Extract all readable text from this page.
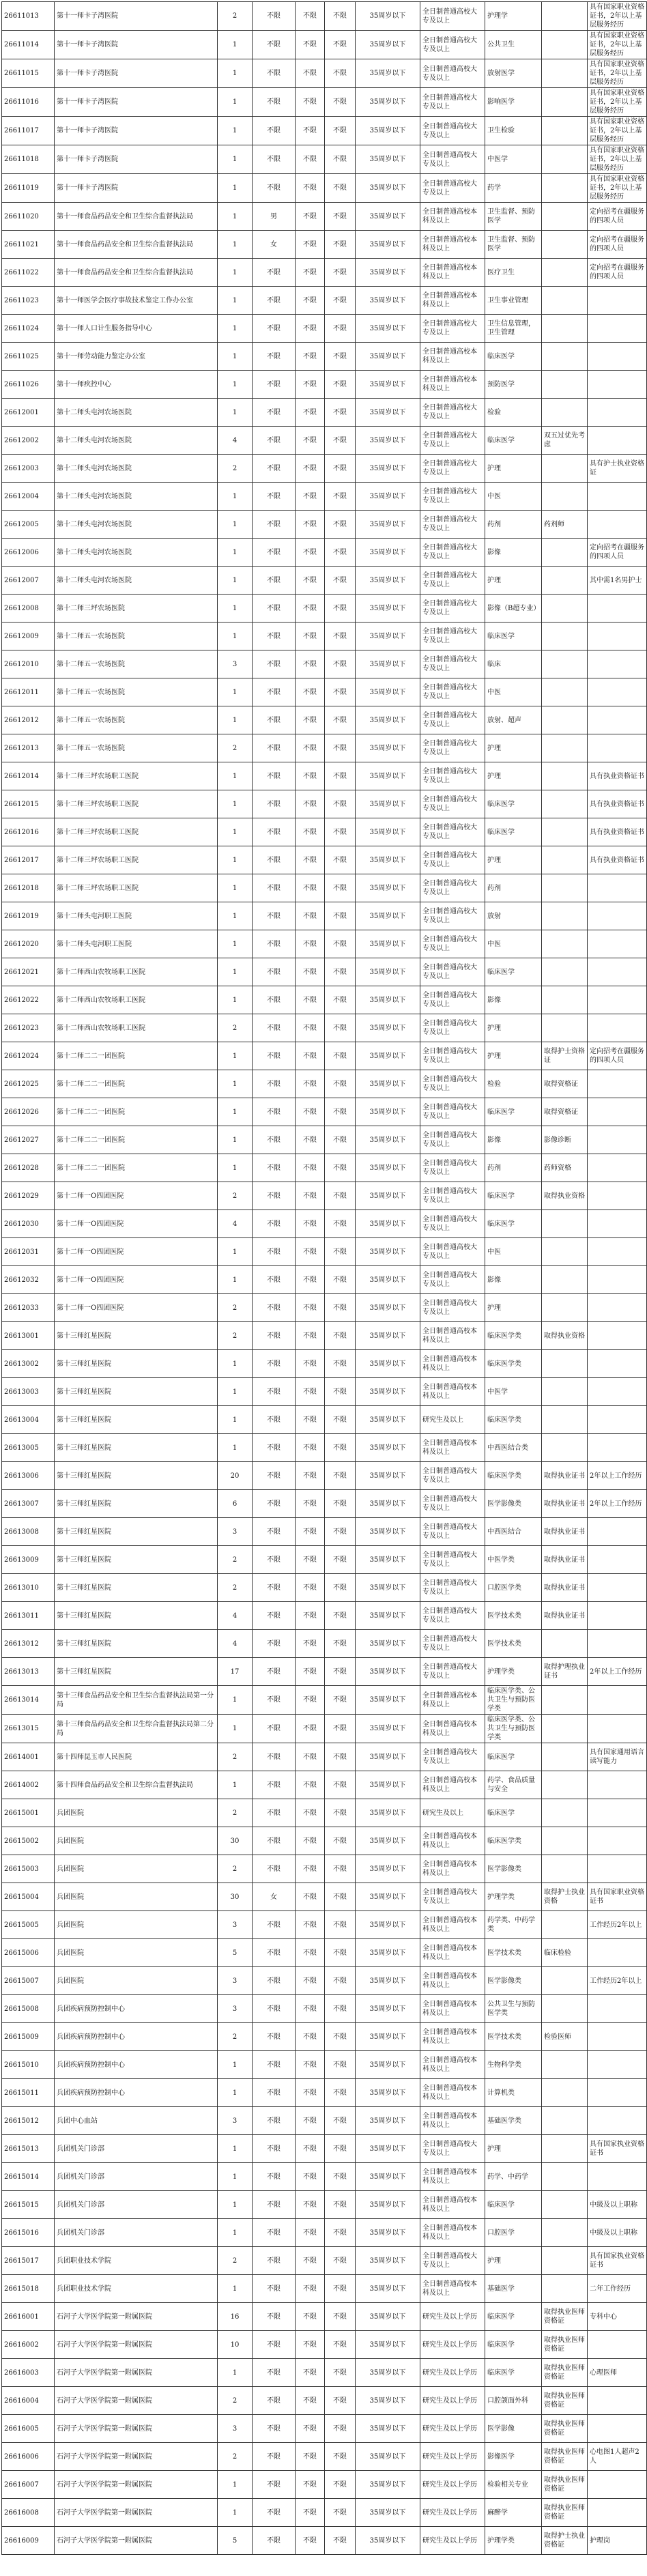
26611013	第十一师卡子湾医院	2	不限	不限	不限	35周岁以下	全日制普通高校大专及以上	护理学		具有国家职业资格证书，2年以上基层服务经历
26611014	第十一师卡子湾医院	1	不限	不限	不限	35周岁以下	全日制普通高校大专及以上	公共卫生		具有国家职业资格证书，2年以上基层服务经历
26611015	第十一师卡子湾医院	1	不限	不限	不限	35周岁以下	全日制普通高校大专及以上	放射医学		具有国家职业资格证书，2年以上基层服务经历
26611016	第十一师卡子湾医院	1	不限	不限	不限	35周岁以下	全日制普通高校大专及以上	影响医学		具有国家职业资格证书，2年以上基层服务经历
26611017	第十一师卡子湾医院	1	不限	不限	不限	35周岁以下	全日制普通高校大专及以上	卫生检验		具有国家职业资格证书，2年以上基层服务经历
26611018	第十一师卡子湾医院	1	不限	不限	不限	35周岁以下	全日制普通高校大专及以上	中医学		具有国家职业资格证书，2年以上基层服务经历
26611019	第十一师卡子湾医院	1	不限	不限	不限	35周岁以下	全日制普通高校大专及以上	药学		具有国家职业资格证书，2年以上基层服务经历
26611020	第十一师食品药品安全和卫生综合监督执法局	1	男	不限	不限	35周岁以下	全日制普通高校本科及以上	卫生监督、预防医学		定向招考在疆服务的四项人员
26611021	第十一师食品药品安全和卫生综合监督执法局	1	女	不限	不限	35周岁以下	全日制普通高校本科及以上	卫生监督、预防医学		定向招考在疆服务的四项人员
26611022	第十一师食品药品安全和卫生综合监督执法局	1	不限	不限	不限	35周岁以下	全日制普通高校本科及以上	医疗卫生		定向招考在疆服务的四项人员
26611023	第十一师医学会医疗事故技术鉴定工作办公室	1	不限	不限	不限	35周岁以下	全日制普通高校本科及以上	卫生事业管理		
26611024	第十一师人口计生服务指导中心	1	不限	不限	不限	35周岁以下	全日制普通高校大专及以上	卫生信息管理，卫生管理		
26611025	第十一师劳动能力鉴定办公室	1	不限	不限	不限	35周岁以下	全日制普通高校本科及以上	临床医学		
26611026	第十一师疾控中心	1	不限	不限	不限	35周岁以下	全日制普通高校本科及以上	预防医学		
26612001	第十二师头屯河农场医院	1	不限	不限	不限	35周岁以下	全日制普通高校大专及以上	检验		
26612002	第十二师头屯河农场医院	4	不限	不限	不限	35周岁以下	全日制普通高校大专及以上	临床医学	双五过优先考虑	
26612003	第十二师头屯河农场医院	2	不限	不限	不限	35周岁以下	全日制普通高校大专及以上	护理		具有护士执业资格证
26612004	第十二师头屯河农场医院	1	不限	不限	不限	35周岁以下	全日制普通高校大专及以上	中医		
26612005	第十二师头屯河农场医院	1	不限	不限	不限	35周岁以下	全日制普通高校大专及以上	药剂	药剂师	
26612006	第十二师头屯河农场医院	1	不限	不限	不限	35周岁以下	全日制普通高校大专及以上	影像		定向招考在疆服务的四项人员
26612007	第十二师头屯河农场医院	1	不限	不限	不限	35周岁以下	全日制普通高校大专及以上	护理		其中需1名男护士
26612008	第十二师三坪农场医院	1	不限	不限	不限	35周岁以下	全日制普通高校大专及以上	影像（B超专业）		
26612009	第十二师五一农场医院	1	不限	不限	不限	35周岁以下	全日制普通高校大专及以上	临床医学		
26612010	第十二师五一农场医院	3	不限	不限	不限	35周岁以下	全日制普通高校大专及以上	临床		
26612011	第十二师五一农场医院	1	不限	不限	不限	35周岁以下	全日制普通高校大专及以上	中医		
26612012	第十二师五一农场医院	1	不限	不限	不限	35周岁以下	全日制普通高校大专及以上	放射、超声		
26612013	第十二师五一农场医院	2	不限	不限	不限	35周岁以下	全日制普通高校大专及以上	护理		
26612014	第十二师三坪农场职工医院	1	不限	不限	不限	35周岁以下	全日制普通高校大专及以上	护理		具有执业资格证书
26612015	第十二师三坪农场职工医院	1	不限	不限	不限	35周岁以下	全日制普通高校大专及以上	临床医学		具有执业资格证书
26612016	第十二师三坪农场职工医院	1	不限	不限	不限	35周岁以下	全日制普通高校大专及以上	临床医学		具有执业资格证书
26612017	第十二师三坪农场职工医院	1	不限	不限	不限	35周岁以下	全日制普通高校大专及以上	护理		具有执业资格证书
26612018	第十二师三坪农场职工医院	1	不限	不限	不限	35周岁以下	全日制普通高校大专及以上	药剂		
26612019	第十二师头屯河职工医院	1	不限	不限	不限	35周岁以下	全日制普通高校大专及以上	放射		
26612020	第十二师头屯河职工医院	1	不限	不限	不限	35周岁以下	全日制普通高校大专及以上	中医		
26612021	第十二师西山农牧场职工医院	1	不限	不限	不限	35周岁以下	全日制普通高校大专及以上	临床医学		
26612022	第十二师西山农牧场职工医院	1	不限	不限	不限	35周岁以下	全日制普通高校大专及以上	影像		
26612023	第十二师西山农牧场职工医院	2	不限	不限	不限	35周岁以下	全日制普通高校大专及以上	护理		
26612024	第十二师二二一团医院	1	不限	不限	不限	35周岁以下	全日制普通高校大专及以上	护理	取得护士资格证	定向招考在疆服务的四项人员
26612025	第十二师二二一团医院	1	不限	不限	不限	35周岁以下	全日制普通高校大专及以上	检验	取得资格证	
26612026	第十二师二二一团医院	1	不限	不限	不限	35周岁以下	全日制普通高校大专及以上	临床医学	取得资格证	
26612027	第十二师二二一团医院	1	不限	不限	不限	35周岁以下	全日制普通高校大专及以上	影像	影像诊断	
26612028	第十二师二二一团医院	1	不限	不限	不限	35周岁以下	全日制普通高校大专及以上	药剂	药师资格	
26612029	第十二师一O四团医院	2	不限	不限	不限	35周岁以下	全日制普通高校大专及以上	临床医学	取得执业资格	
26612030	第十二师一O四团医院	4	不限	不限	不限	35周岁以下	全日制普通高校大专及以上	临床医学		
26612031	第十二师一O四团医院	1	不限	不限	不限	35周岁以下	全日制普通高校大专及以上	中医		
26612032	第十二师一O四团医院	1	不限	不限	不限	35周岁以下	全日制普通高校大专及以上	影像		
26612033	第十二师一O四团医院	2	不限	不限	不限	35周岁以下	全日制普通高校大专及以上	护理		
26613001	第十三师红星医院	2	不限	不限	不限	35周岁以下	全日制普通高校本科及以上	临床医学类	取得执业资格	
26613002	第十三师红星医院	1	不限	不限	不限	35周岁以下	全日制普通高校本科及以上	临床医学类		
26613003	第十三师红星医院	1	不限	不限	不限	35周岁以下	全日制普通高校本科及以上	中医学		
26613004	第十三师红星医院	1	不限	不限	不限	35周岁以下	研究生及以上	临床医学类		
26613005	第十三师红星医院	1	不限	不限	不限	35周岁以下	全日制普通高校本科及以上	中西医结合类		
26613006	第十三师红星医院	20	不限	不限	不限	35周岁以下	全日制普通高校大专及以上	临床医学类	取得执业证书	2年以上工作经历
26613007	第十三师红星医院	6	不限	不限	不限	35周岁以下	全日制普通高校大专及以上	医学影像类	取得执业证书	2年以上工作经历
26613008	第十三师红星医院	3	不限	不限	不限	35周岁以下	全日制普通高校大专及以上	中西医结合	取得执业证书	
26613009	第十三师红星医院	2	不限	不限	不限	35周岁以下	全日制普通高校大专及以上	中医学类	取得执业证书	
26613010	第十三师红星医院	2	不限	不限	不限	35周岁以下	全日制普通高校大专及以上	口腔医学类	取得执业证书	
26613011	第十三师红星医院	4	不限	不限	不限	35周岁以下	全日制普通高校大专及以上	医学技术类	取得执业证书	
26613012	第十三师红星医院	4	不限	不限	不限	35周岁以下	全日制普通高校大专及以上	医学技术类		
26613013	第十三师红星医院	17	不限	不限	不限	35周岁以下	全日制普通高校大专及以上	护理学类	取得护理执业证书	2年以上工作经历
26613014	第十三师食品药品安全和卫生综合监督执法局第一分局	1	不限	不限	不限	35周岁以下	全日制普通高校本科及以上	临床医学类、公共卫生与预防医学类		
26613015	第十三师食品药品安全和卫生综合监督执法局第二分局	1	不限	不限	不限	35周岁以下	全日制普通高校本科及以上	临床医学类、公共卫生与预防医学类		
26614001	第十四师昆玉市人民医院	2	不限	不限	不限	35周岁以下	全日制普通高校大专及以上	临床医学		具有国家通用语言读写能力
26614002	第十四师食品药品安全和卫生综合监督执法局	1	不限	不限	不限	35周岁以下	全日制普通高校本科及以上	药学、食品质量与安全		
26615001	兵团医院	2	不限	不限	不限	35周岁以下	研究生及以上	临床医学		
26615002	兵团医院	30	不限	不限	不限	35周岁以下	全日制普通高校本科及以上	临床医学类		
26615003	兵团医院	2	不限	不限	不限	35周岁以下	全日制普通高校本科及以上	医学影像类		
26615004	兵团医院	30	女	不限	不限	35周岁以下	全日制普通高校大专及以上	护理学类	取得护士执业资格	具有国家职业资格证书
26615005	兵团医院	3	不限	不限	不限	35周岁以下	全日制普通高校本科及以上	药学类、中药学类		工作经历2年以上
26615006	兵团医院	5	不限	不限	不限	35周岁以下	全日制普通高校本科及以上	医学技术类	临床检验	
26615007	兵团医院	3	不限	不限	不限	35周岁以下	全日制普通高校本科及以上	医学影像类		工作经历2年以上
26615008	兵团疾病预防控制中心	3	不限	不限	不限	35周岁以下	全日制普通高校本科及以上	公共卫生与预防医学类		
26615009	兵团疾病预防控制中心	2	不限	不限	不限	35周岁以下	全日制普通高校本科及以上	医学技术类	检验医师	
26615010	兵团疾病预防控制中心	1	不限	不限	不限	35周岁以下	全日制普通高校本科及以上	生物科学类		
26615011	兵团疾病预防控制中心	1	不限	不限	不限	35周岁以下	全日制普通高校本科及以上	计算机类		
26615012	兵团中心血站	3	不限	不限	不限	35周岁以下	全日制普通高校本科及以上	基础医学类		
26615013	兵团机关门诊部	1	不限	不限	不限	35周岁以下	全日制普通高校大专及以上	护理		具有国家执业资格证书
26615014	兵团机关门诊部	1	不限	不限	不限	35周岁以下	全日制普通高校本科及以上	药学、中药学		
26615015	兵团机关门诊部	1	不限	不限	不限	35周岁以下	全日制普通高校本科及以上	临床医学		中级及以上职称
26615016	兵团机关门诊部	1	不限	不限	不限	35周岁以下	全日制普通高校本科及以上	口腔医学		中级及以上职称
26615017	兵团职业技术学院	2	不限	不限	不限	35周岁以下	全日制普通高校大专及以上	护理		具有国家执业资格证书
26615018	兵团职业技术学院	1	不限	不限	不限	35周岁以下	全日制普通高校本科及以上	基础医学		二年工作经历
26616001	石河子大学医学院第一附属医院	16	不限	不限	不限	35周岁以下	研究生及以上学历	临床医学	取得执业医师资格证	专科中心
26616002	石河子大学医学院第一附属医院	10	不限	不限	不限	35周岁以下	研究生及以上学历	临床医学	取得执业医师资格证	
26616003	石河子大学医学院第一附属医院	1	不限	不限	不限	35周岁以下	研究生及以上学历	临床医学	取得执业医师资格证	心理医师
26616004	石河子大学医学院第一附属医院	2	不限	不限	不限	35周岁以下	研究生及以上学历	口腔颌面外科	取得执业医师资格证	
26616005	石河子大学医学院第一附属医院	3	不限	不限	不限	35周岁以下	研究生及以上学历	医学影像	取得执业医师资格证	
26616006	石河子大学医学院第一附属医院	2	不限	不限	不限	35周岁以下	研究生及以上学历	影像医学	取得执业医师资格证	心电图1人超声2人
26616007	石河子大学医学院第一附属医院	1	不限	不限	不限	35周岁以下	研究生及以上学历	检验相关专业	取得执业医师资格证	
26616008	石河子大学医学院第一附属医院	1	不限	不限	不限	35周岁以下	研究生及以上学历	麻醉学	取得执业医师资格证	
26616009	石河子大学医学院第一附属医院	5	不限	不限	不限	35周岁以下	研究生及以上学历	护理学类	取得护士执业资格证	护理岗
